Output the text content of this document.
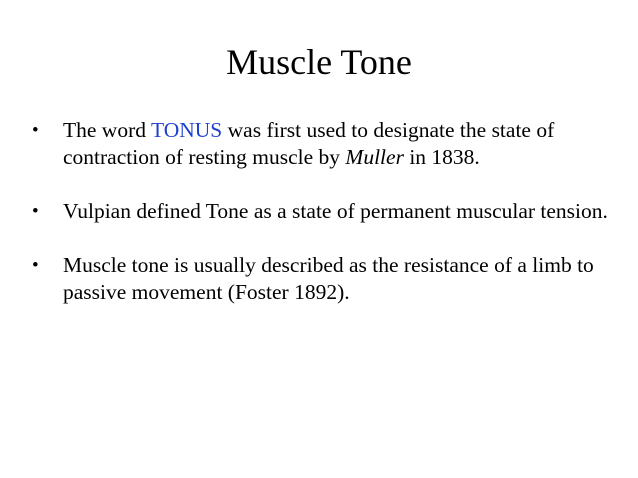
Muscle Tone
• The word TONUS was first used to designate the state of contraction of resting muscle by Muller in 1838.
• Vulpian defined Tone as a state of permanent muscular tension.
• Muscle tone is usually described as the resistance of a limb to passive movement (Foster 1892).
